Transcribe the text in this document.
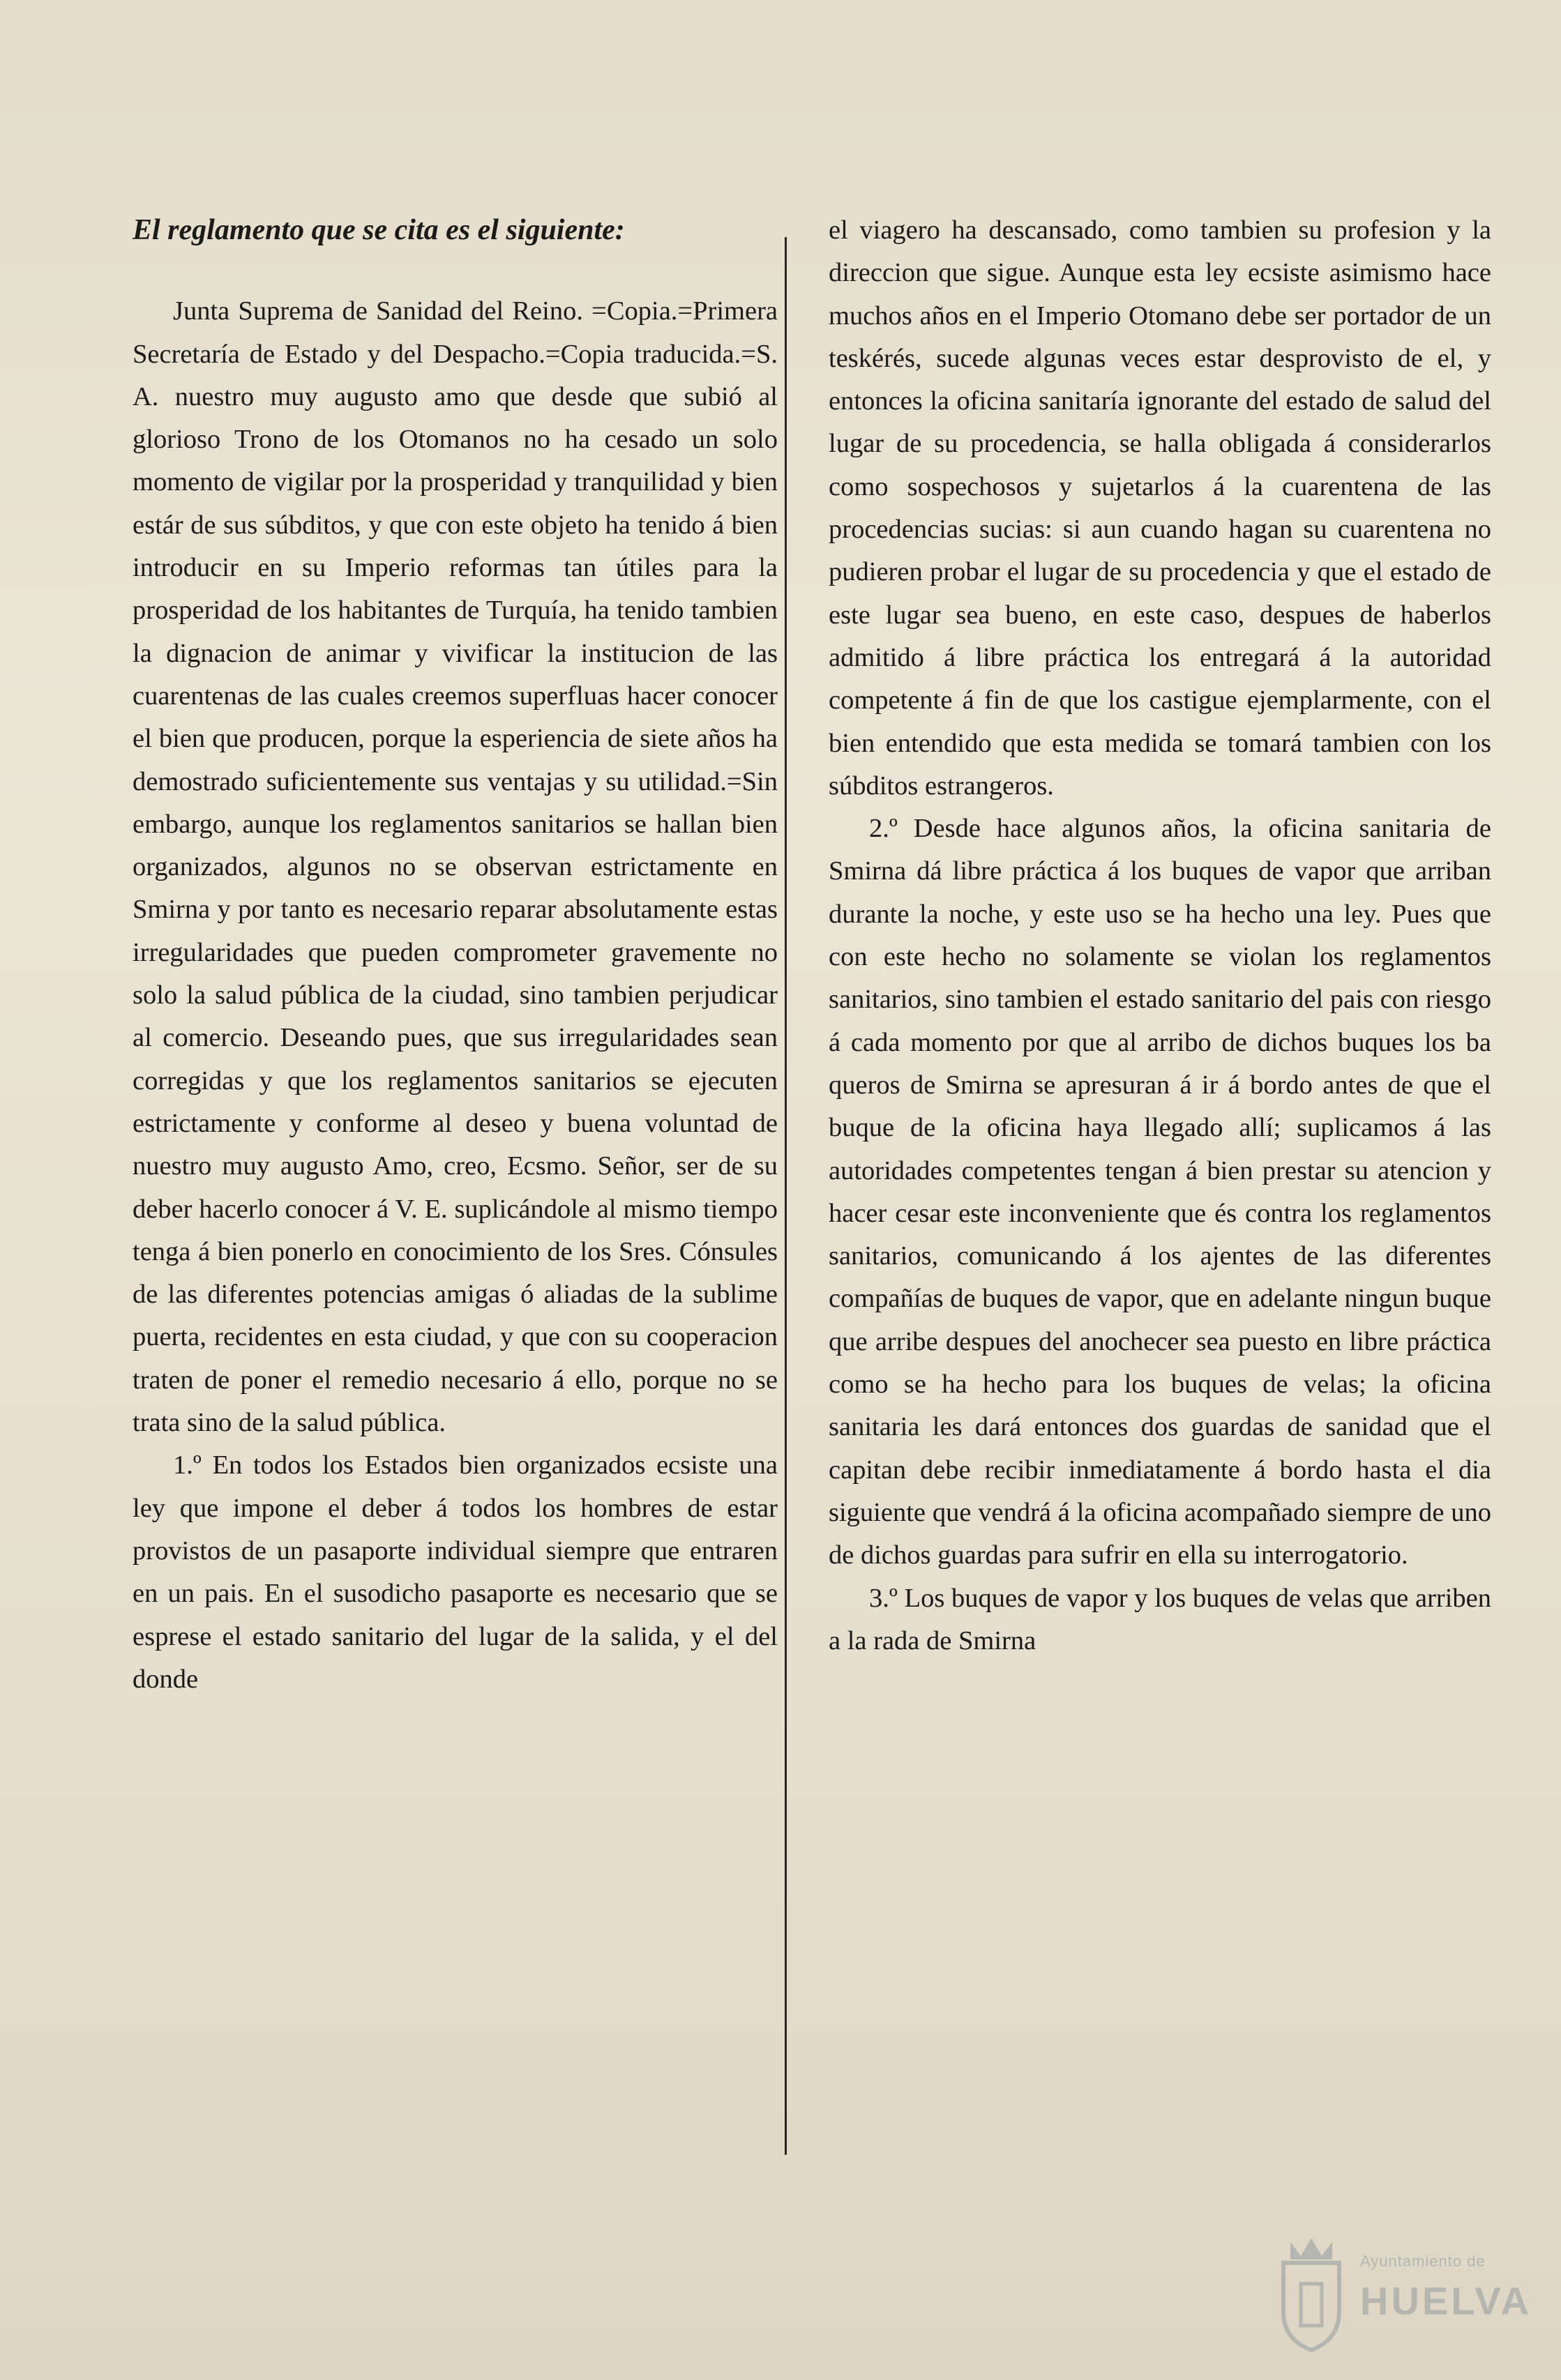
El reglamento que se cita es el siguiente:

Junta Suprema de Sanidad del Reino. =Copia.=Primera Secretaría de Estado y del Despacho.=Copia traducida.=S. A. nuestro muy augusto amo que desde que subió al glorioso Trono de los Otomanos no ha cesado un solo momento de vigilar por la prosperidad y tranquilidad y bien estár de sus súbditos, y que con este objeto ha tenido á bien introducir en su Imperio reformas tan útiles para la prosperidad de los habitantes de Turquía, ha tenido tambien la dignacion de animar y vivificar la institucion de las cuarentenas de las cuales creemos superfluas hacer conocer el bien que producen, porque la esperiencia de siete años ha demostrado suficientemente sus ventajas y su utilidad.=Sin embargo, aunque los reglamentos sanitarios se hallan bien organizados, algunos no se observan estrictamente en Smirna y por tanto es necesario reparar absolutamente estas irregularidades que pueden comprometer gravemente no solo la salud pública de la ciudad, sino tambien perjudicar al comercio. Deseando pues, que sus irregularidades sean corregidas y que los reglamentos sanitarios se ejecuten estrictamente y conforme al deseo y buena voluntad de nuestro muy augusto Amo, creo, Ecsmo. Señor, ser de su deber hacerlo conocer á V. E. suplicándole al mismo tiempo tenga á bien ponerlo en conocimiento de los Sres. Cónsules de las diferentes potencias amigas ó aliadas de la sublime puerta, recidentes en esta ciudad, y que con su cooperacion traten de poner el remedio necesario á ello, porque no se trata sino de la salud pública.

1.º En todos los Estados bien organizados ecsiste una ley que impone el deber á todos los hombres de estar provistos de un pasaporte individual siempre que entraren en un pais. En el susodicho pasaporte es necesario que se esprese el estado sanitario del lugar de la salida, y el del donde

el viagero ha descansado, como tambien su profesion y la direccion que sigue. Aunque esta ley ecsiste asimismo hace muchos años en el Imperio Otomano debe ser portador de un teskérés, sucede algunas veces estar desprovisto de el, y entonces la oficina sanitaría ignorante del estado de salud del lugar de su procedencia, se halla obligada á considerarlos como sospechosos y sujetarlos á la cuarentena de las procedencias sucias: si aun cuando hagan su cuarentena no pudieren probar el lugar de su procedencia y que el estado de este lugar sea bueno, en este caso, despues de haberlos admitido á libre práctica los entregará á la autoridad competente á fin de que los castigue ejemplarmente, con el bien entendido que esta medida se tomará tambien con los súbditos estrangeros.

2.º Desde hace algunos años, la oficina sanitaria de Smirna dá libre práctica á los buques de vapor que arriban durante la noche, y este uso se ha hecho una ley. Pues que con este hecho no solamente se violan los reglamentos sanitarios, sino tambien el estado sanitario del pais con riesgo á cada momento por que al arribo de dichos buques los ba queros de Smirna se apresuran á ir á bordo antes de que el buque de la oficina haya llegado allí; suplicamos á las autoridades competentes tengan á bien prestar su atencion y hacer cesar este inconveniente que és contra los reglamentos sanitarios, comunicando á los ajentes de las diferentes compañías de buques de vapor, que en adelante ningun buque que arribe despues del anochecer sea puesto en libre práctica como se ha hecho para los buques de velas; la oficina sanitaria les dará entonces dos guardas de sanidad que el capitan debe recibir inmediatamente á bordo hasta el dia siguiente que vendrá á la oficina acompañado siempre de uno de dichos guardas para sufrir en ella su interrogatorio.

3.º Los buques de vapor y los buques de velas que arriben a la rada de Smirna

Ayuntamiento de
HUELVA
